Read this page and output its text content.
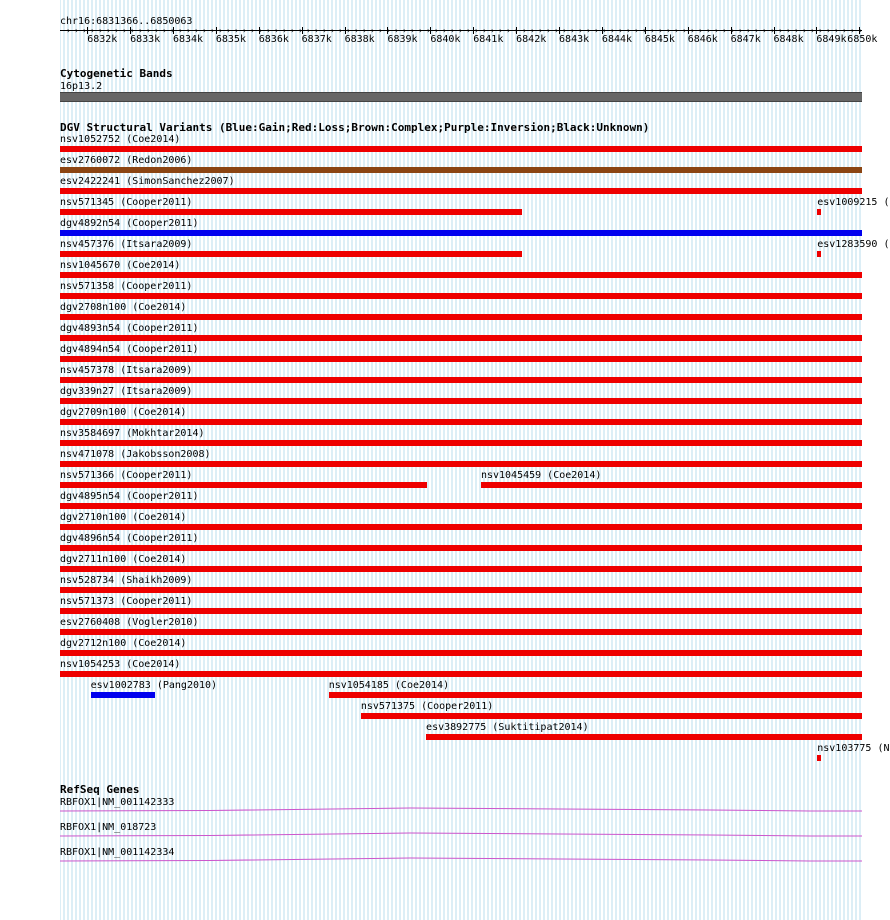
chr16:6831366..6850063
6832k 6833k 6834k 6835k 6836k 6837k 6838k 6839k 6840k 6841k 6842k 6843k 6844k 6845k 6846k 6847k 6848k 6849k 6850k
› › › › › › › › › › › › › › › › › › › › › › › › › › › › › › › › › › › › › › › › › › › › › › › › › › › › › › › › › › › › › › › › › › › › › › › › › › › › › › › › › › › › › › › › › › › › › › › › › › › ›
Cytogenetic Bands
16p13.2
DGV Structural Variants (Blue:Gain;Red:Loss;Brown:Complex;Purple:Inversion;Black:Unknown)
nsv1052752 (Coe2014)
esv2760072 (Redon2006)
esv2422241 (SimonSanchez2007)
nsv571345 (Cooper2011)	esv1009215 (
dgv4892n54 (Cooper2011)
nsv457376 (Itsara2009)	esv1283590 (
nsv1045670 (Coe2014)
nsv571358 (Cooper2011)
dgv2708n100 (Coe2014)
dgv4893n54 (Cooper2011)
dgv4894n54 (Cooper2011)
nsv457378 (Itsara2009)
dgv339n27 (Itsara2009)
dgv2709n100 (Coe2014)
nsv3584697 (Mokhtar2014)
nsv471078 (Jakobsson2008)
nsv571366 (Cooper2011)	nsv1045459 (Coe2014)
dgv4895n54 (Cooper2011)
dgv2710n100 (Coe2014)
dgv4896n54 (Cooper2011)
dgv2711n100 (Coe2014)
nsv528734 (Shaikh2009)
nsv571373 (Cooper2011)
esv2760408 (Vogler2010)
dgv2712n100 (Coe2014)
nsv1054253 (Coe2014)
esv1002783 (Pang2010)	nsv1054185 (Coe2014)
nsv571375 (Cooper2011)
esv3892775 (Suktitipat2014)
nsv103775 (N
RefSeq Genes
RBFOX1|NM_001142333
RBFOX1|NM_018723
RBFOX1|NM_001142334
